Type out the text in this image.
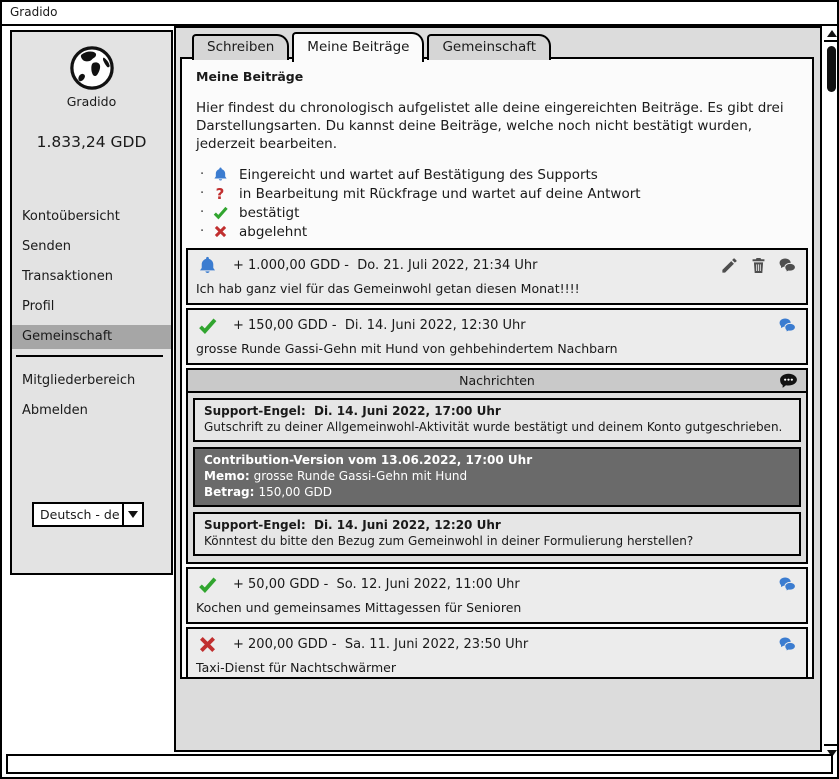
Gradido
Gradido
1.833,24 GDD
Kontoübersicht
Senden
Transaktionen
Profil
Gemeinschaft
Mitgliederbereich
Abmelden
Deutsch - de
Schreiben	Meine Beiträge	Gemeinschaft
Meine Beiträge

Hier findest du chronologisch aufgelistet alle deine eingereichten Beiträge. Es gibt drei Darstellungsarten. Du kannst deine Beiträge, welche noch nicht bestätigt wurden, jederzeit bearbeiten.

·	Eingereicht und wartet auf Bestätigung des Supports
· ?	in Bearbeitung mit Rückfrage und wartet auf deine Antwort
·	bestätigt
·	abgelehnt
+ 1.000,00 GDD -  Do. 21. Juli 2022, 21:34 Uhr
Ich hab ganz viel für das Gemeinwohl getan diesen Monat!!!!
+ 150,00 GDD -  Di. 14. Juni 2022, 12:30 Uhr
grosse Runde Gassi-Gehn mit Hund von gehbehindertem Nachbarn
Nachrichten
Support-Engel:  Di. 14. Juni 2022, 17:00 Uhr
Gutschrift zu deiner Allgemeinwohl-Aktivität wurde bestätigt und deinem Konto gutgeschrieben.
Contribution-Version vom 13.06.2022, 17:00 Uhr
Memo: grosse Runde Gassi-Gehn mit Hund
Betrag: 150,00 GDD
Support-Engel:  Di. 14. Juni 2022, 12:20 Uhr
Könntest du bitte den Bezug zum Gemeinwohl in deiner Formulierung herstellen?
+ 50,00 GDD -  So. 12. Juni 2022, 11:00 Uhr
Kochen und gemeinsames Mittagessen für Senioren
+ 200,00 GDD -  Sa. 11. Juni 2022, 23:50 Uhr
Taxi-Dienst für Nachtschwärmer
